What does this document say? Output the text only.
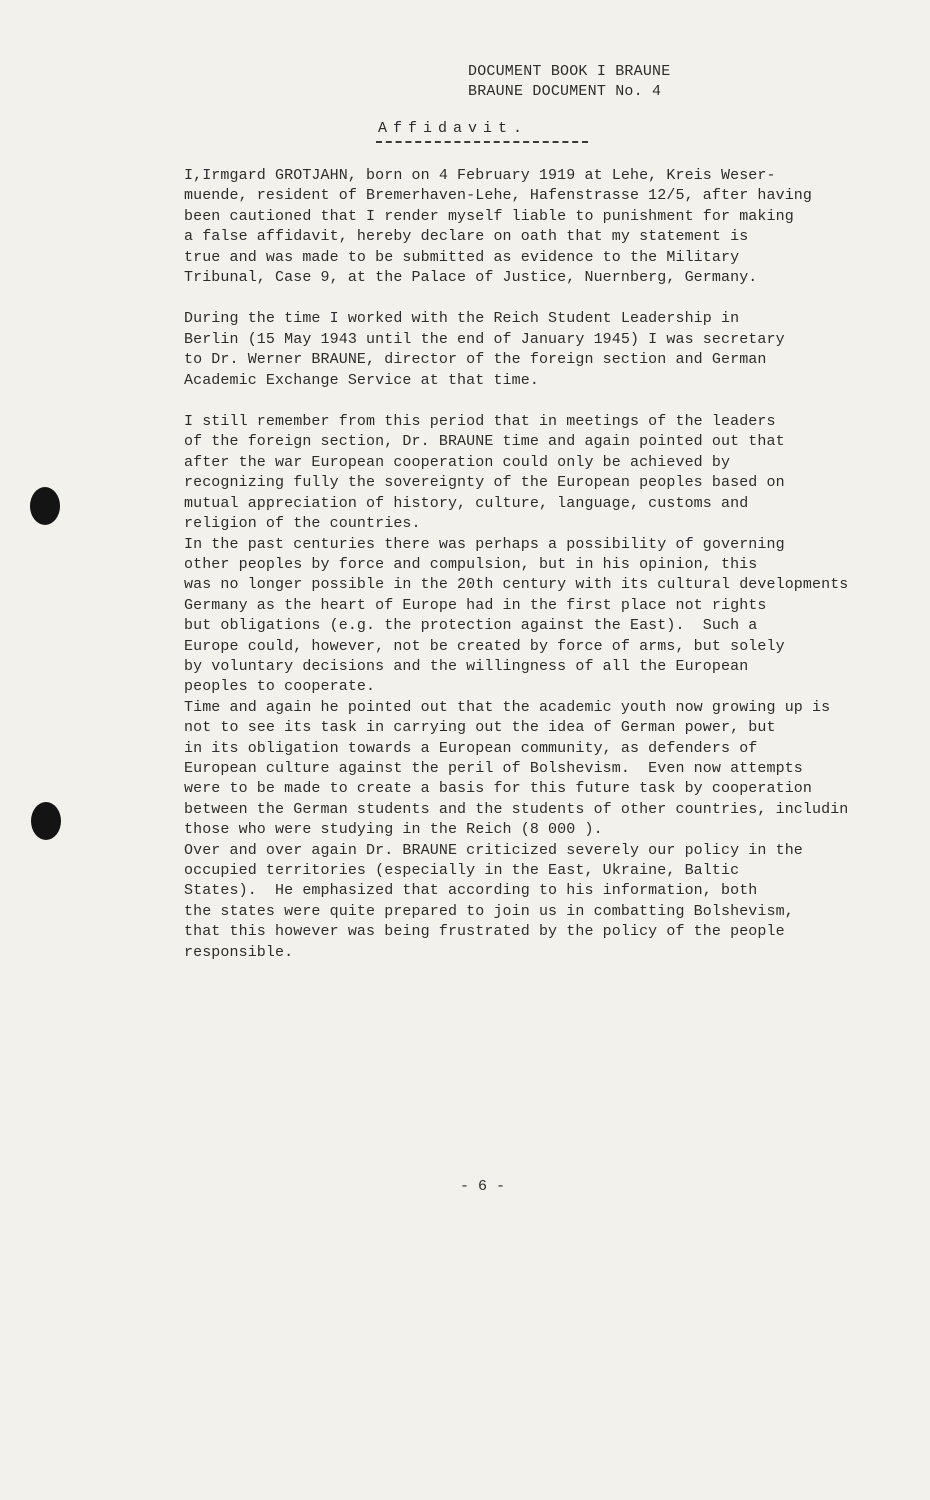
DOCUMENT BOOK I BRAUNE
BRAUNE DOCUMENT No. 4
Affidavit.
I,Irmgard GROTJAHN, born on 4 February 1919 at Lehe, Kreis Weser-
muende, resident of Bremerhaven-Lehe, Hafenstrasse 12/5, after having
been cautioned that I render myself liable to punishment for making
a false affidavit, hereby declare on oath that my statement is
true and was made to be submitted as evidence to the Military
Tribunal, Case 9, at the Palace of Justice, Nuernberg, Germany.
During the time I worked with the Reich Student Leadership in
Berlin (15 May 1943 until the end of January 1945) I was secretary
to Dr. Werner BRAUNE, director of the foreign section and German
Academic Exchange Service at that time.
I still remember from this period that in meetings of the leaders
of the foreign section, Dr. BRAUNE time and again pointed out that
after the war European cooperation could only be achieved by
recognizing fully the sovereignty of the European peoples based on
mutual appreciation of history, culture, language, customs and
religion of the countries.
In the past centuries there was perhaps a possibility of governing
other peoples by force and compulsion, but in his opinion, this
was no longer possible in the 20th century with its cultural developments
Germany as the heart of Europe had in the first place not rights
but obligations (e.g. the protection against the East).  Such a
Europe could, however, not be created by force of arms, but solely
by voluntary decisions and the willingness of all the European
peoples to cooperate.
Time and again he pointed out that the academic youth now growing up is
not to see its task in carrying out the idea of German power, but
in its obligation towards a European community, as defenders of
European culture against the peril of Bolshevism.  Even now attempts
were to be made to create a basis for this future task by cooperation
between the German students and the students of other countries, includin
those who were studying in the Reich (8 000 ).
Over and over again Dr. BRAUNE criticized severely our policy in the
occupied territories (especially in the East, Ukraine, Baltic
States).  He emphasized that according to his information, both
the states were quite prepared to join us in combatting Bolshevism,
that this however was being frustrated by the policy of the people
responsible.
- 6 -
